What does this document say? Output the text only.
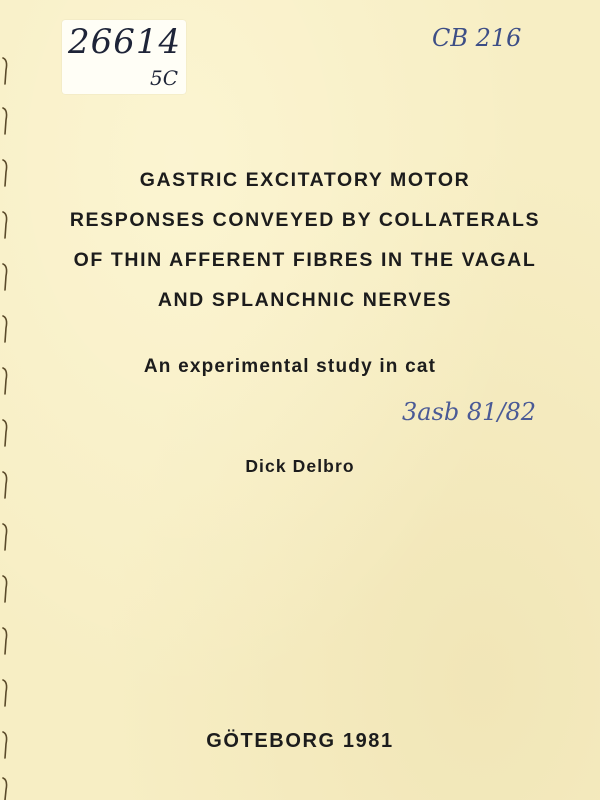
26614
5C
CB 216
GASTRIC EXCITATORY MOTOR
RESPONSES CONVEYED BY COLLATERALS
OF THIN AFFERENT FIBRES IN THE VAGAL
AND SPLANCHNIC NERVES
An experimental study in cat
3asb 81/82
Dick Delbro
GÖTEBORG 1981
